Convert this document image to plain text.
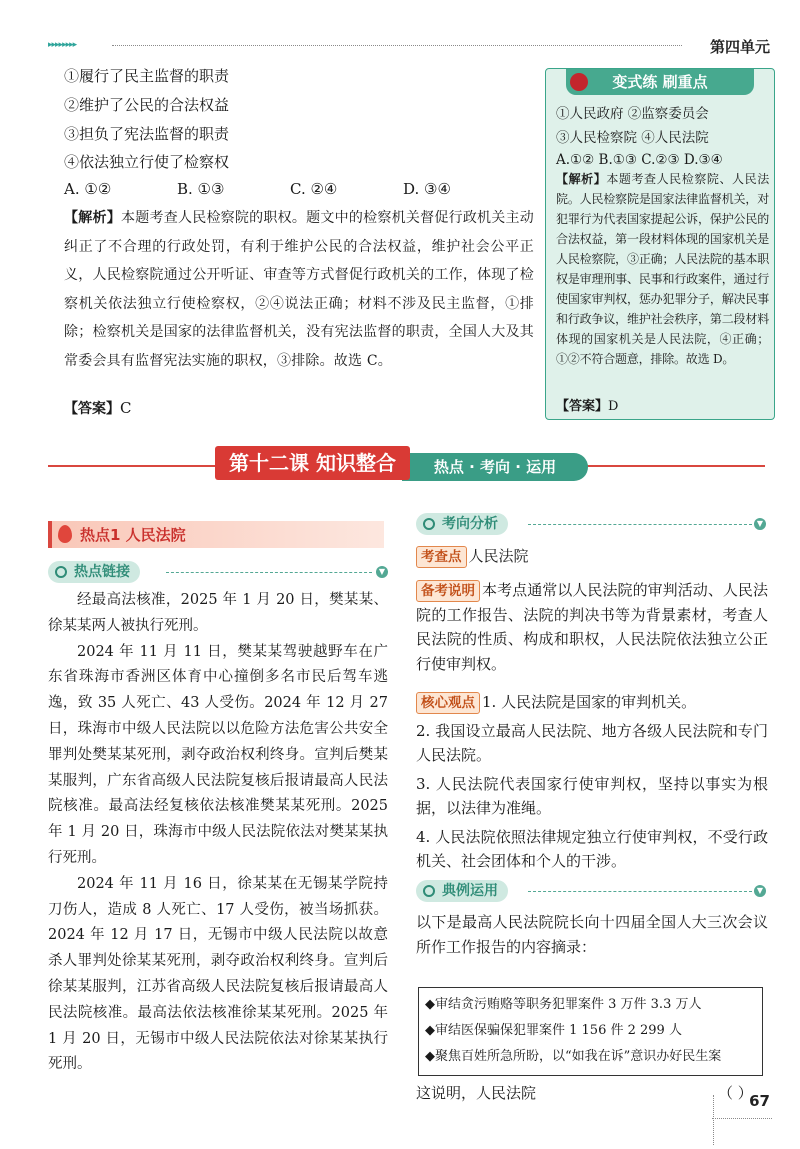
▸▸▸▸▸▸▸▸	第四单元
①履行了民主监督的职责
②维护了公民的合法权益
③担负了宪法监督的职责
④依法独立行使了检察权
A. ①②	B. ①③	C. ②④	D. ③④
【解析】本题考查人民检察院的职权。题文中的检察机关督促行政机关主动纠正了不合理的行政处罚，有利于维护公民的合法权益，维护社会公平正义，人民检察院通过公开听证、审查等方式督促行政机关的工作，体现了检察机关依法独立行使检察权，②④说法正确；材料不涉及民主监督，①排除；检察机关是国家的法律监督机关，没有宪法监督的职责，全国人大及其常委会具有监督宪法实施的职权，③排除。故选 C。
【答案】C
变式练 刷重点
①人民政府 ②监察委员会
③人民检察院 ④人民法院
A.①② B.①③ C.②③ D.③④
【解析】本题考查人民检察院、人民法院。人民检察院是国家法律监督机关，对犯罪行为代表国家提起公诉，保护公民的合法权益，第一段材料体现的国家机关是人民检察院，③正确；人民法院的基本职权是审理刑事、民事和行政案件，通过行使国家审判权，惩办犯罪分子，解决民事和行政争议，维护社会秩序，第二段材料体现的国家机关是人民法院，④正确；①②不符合题意，排除。故选 D。
【答案】D
热点 · 考向 · 运用
第十二课 知识整合
热点1 人民法院
热点链接	▼

经最高法核准，2025 年 1 月 20 日，樊某某、徐某某两人被执行死刑。

2024 年 11 月 11 日，樊某某驾驶越野车在广东省珠海市香洲区体育中心撞倒多名市民后驾车逃逸，致 35 人死亡、43 人受伤。2024 年 12 月 27 日，珠海市中级人民法院以以危险方法危害公共安全罪判处樊某某死刑，剥夺政治权利终身。宣判后樊某某服判，广东省高级人民法院复核后报请最高人民法院核准。最高法经复核依法核准樊某某死刑。2025 年 1 月 20 日，珠海市中级人民法院依法对樊某某执行死刑。

2024 年 11 月 16 日，徐某某在无锡某学院持刀伤人，造成 8 人死亡、17 人受伤，被当场抓获。2024 年 12 月 17 日，无锡市中级人民法院以故意杀人罪判处徐某某死刑，剥夺政治权利终身。宣判后徐某某服判，江苏省高级人民法院复核后报请最高人民法院核准。最高法依法核准徐某某死刑。2025 年 1 月 20 日，无锡市中级人民法院依法对徐某某执行死刑。

考向分析	▼
考查点 人民法院
备考说明 本考点通常以人民法院的审判活动、人民法院的工作报告、法院的判决书等为背景素材，考查人民法院的性质、构成和职权，人民法院依法独立公正行使审判权。
核心观点 1. 人民法院是国家的审判机关。
2. 我国设立最高人民法院、地方各级人民法院和专门人民法院。
3. 人民法院代表国家行使审判权，坚持以事实为根据，以法律为准绳。
4. 人民法院依照法律规定独立行使审判权，不受行政机关、社会团体和个人的干涉。
典例运用	▼
以下是最高人民法院院长向十四届全国人大三次会议所作工作报告的内容摘录：
◆审结贪污贿赂等职务犯罪案件 3 万件 3.3 万人
◆审结医保骗保犯罪案件 1 156 件 2 299 人
◆聚焦百姓所急所盼，以“如我在诉”意识办好民生案
这说明，人民法院	（ ）
67
